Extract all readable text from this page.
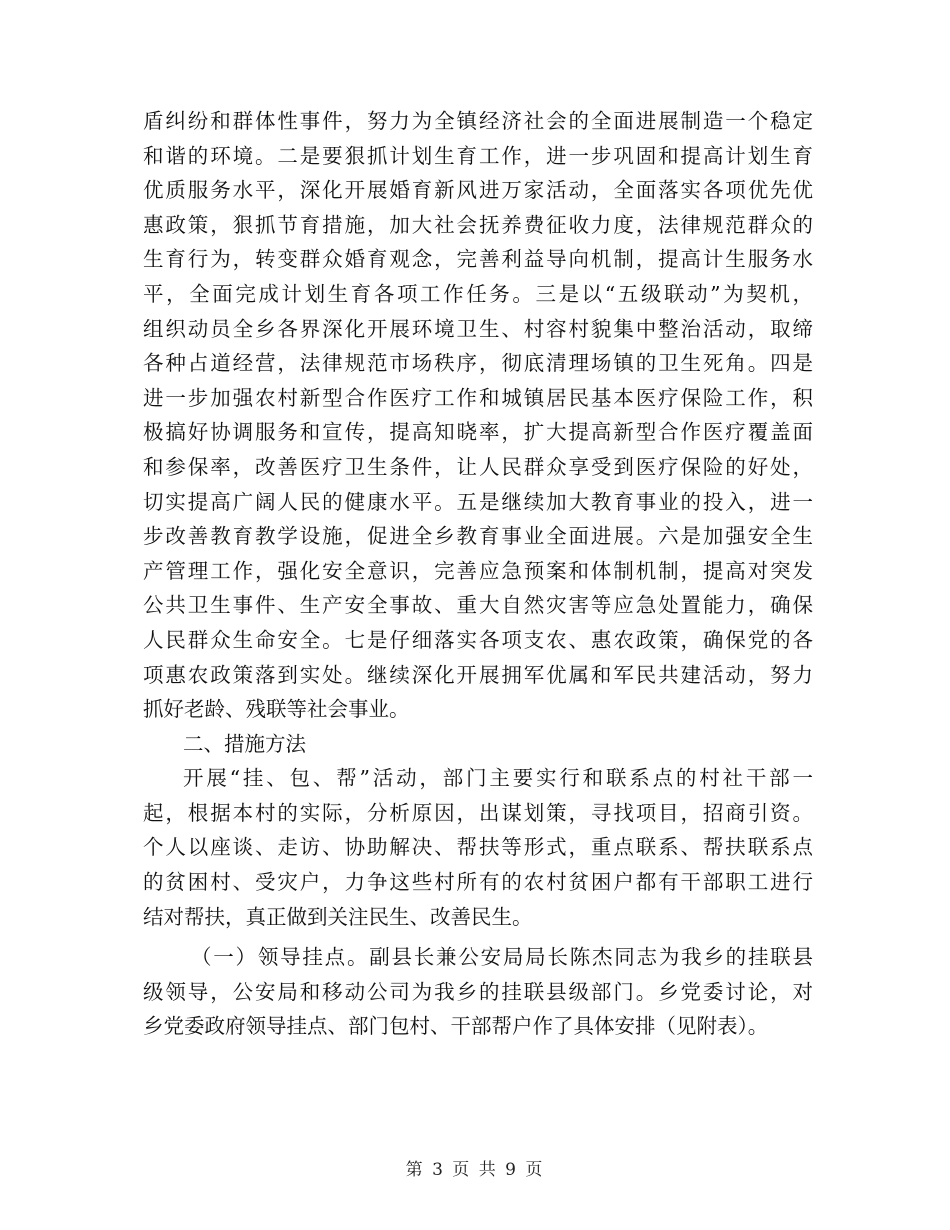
盾纠纷和群体性事件，努力为全镇经济社会的全面进展制造一个稳定
和谐的环境。二是要狠抓计划生育工作，进一步巩固和提高计划生育
优质服务水平，深化开展婚育新风进万家活动，全面落实各项优先优
惠政策，狠抓节育措施，加大社会抚养费征收力度，法律规范群众的
生育行为，转变群众婚育观念，完善利益导向机制，提高计生服务水
平，全面完成计划生育各项工作任务。三是以“五级联动”为契机，
组织动员全乡各界深化开展环境卫生、村容村貌集中整治活动，取缔
各种占道经营，法律规范市场秩序，彻底清理场镇的卫生死角。四是
进一步加强农村新型合作医疗工作和城镇居民基本医疗保险工作，积
极搞好协调服务和宣传，提高知晓率，扩大提高新型合作医疗覆盖面
和参保率，改善医疗卫生条件，让人民群众享受到医疗保险的好处，
切实提高广阔人民的健康水平。五是继续加大教育事业的投入，进一
步改善教育教学设施，促进全乡教育事业全面进展。六是加强安全生
产管理工作，强化安全意识，完善应急预案和体制机制，提高对突发
公共卫生事件、生产安全事故、重大自然灾害等应急处置能力，确保
人民群众生命安全。七是仔细落实各项支农、惠农政策，确保党的各
项惠农政策落到实处。继续深化开展拥军优属和军民共建活动，努力
抓好老龄、残联等社会事业。
二、措施方法
开展“挂、包、帮”活动，部门主要实行和联系点的村社干部一
起，根据本村的实际，分析原因，出谋划策，寻找项目，招商引资。
个人以座谈、走访、协助解决、帮扶等形式，重点联系、帮扶联系点
的贫困村、受灾户，力争这些村所有的农村贫困户都有干部职工进行
结对帮扶，真正做到关注民生、改善民生。
（一）领导挂点。副县长兼公安局局长陈杰同志为我乡的挂联县
级领导，公安局和移动公司为我乡的挂联县级部门。乡党委讨论，对
乡党委政府领导挂点、部门包村、干部帮户作了具体安排（见附表）。
第 3 页 共 9 页
